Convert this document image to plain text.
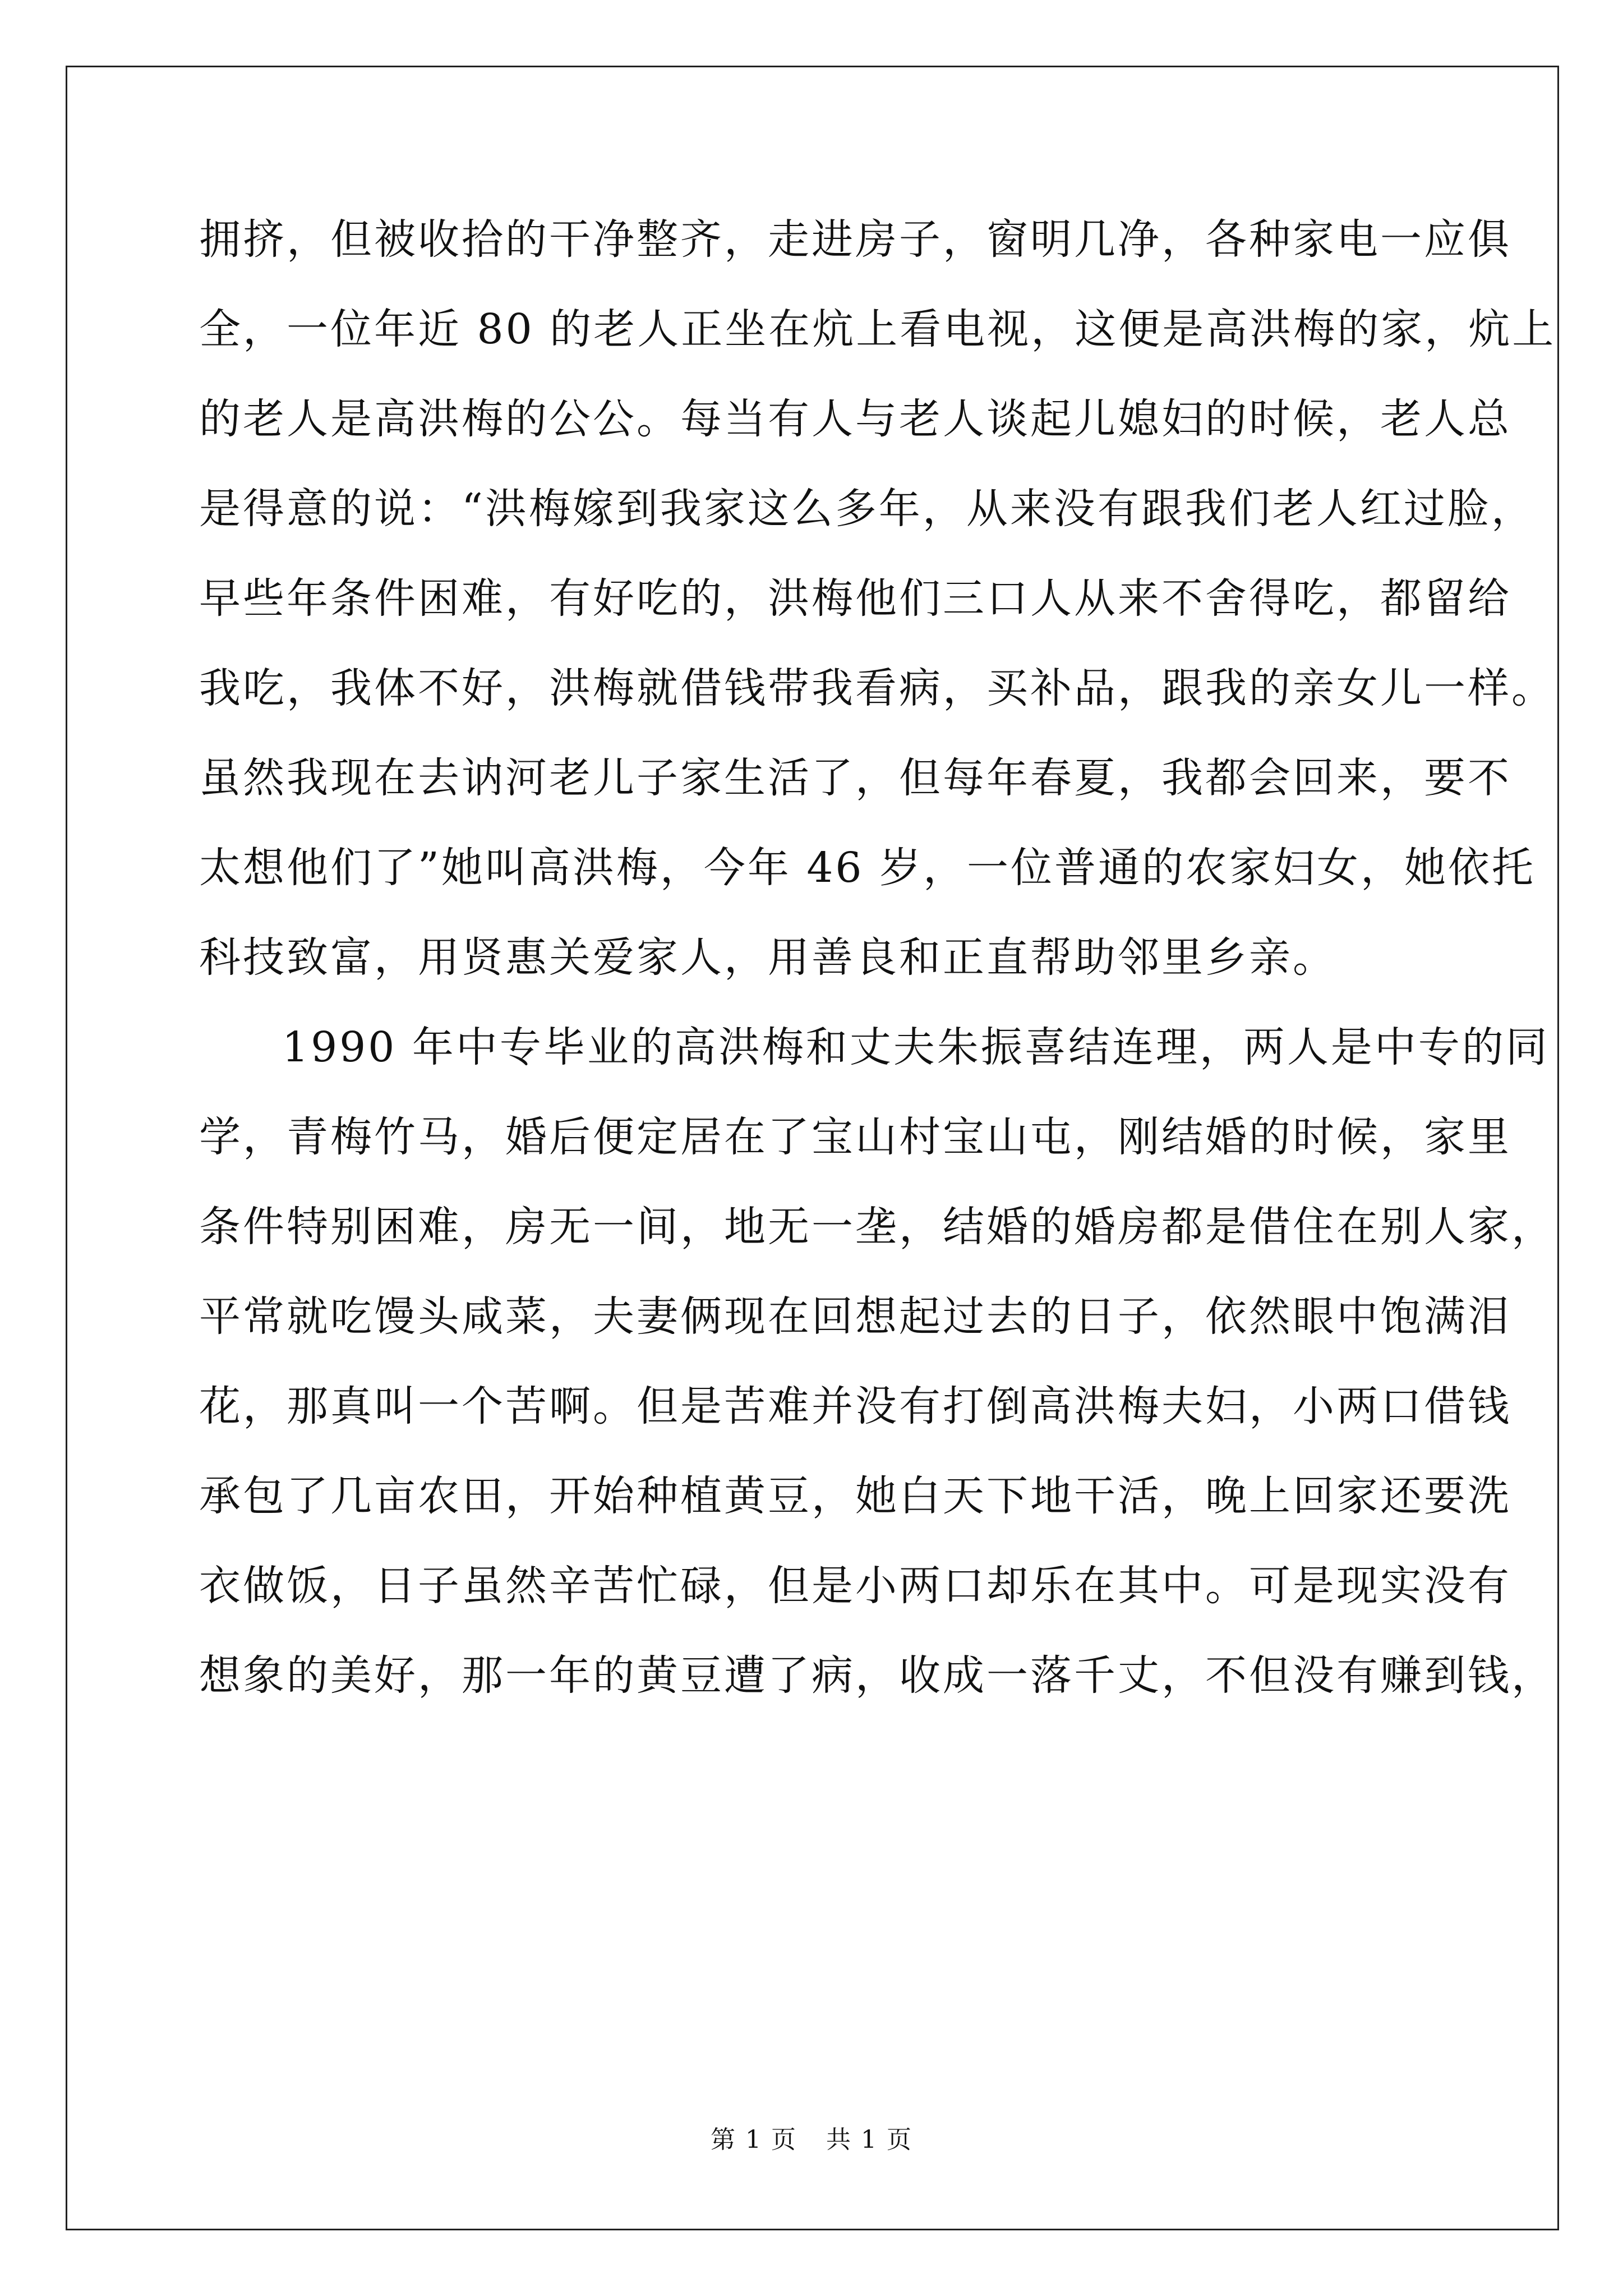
拥挤，但被收拾的干净整齐，走进房子，窗明几净，各种家电一应俱
全，一位年近 80 的老人正坐在炕上看电视，这便是高洪梅的家，炕上
的老人是高洪梅的公公。每当有人与老人谈起儿媳妇的时候，老人总
是得意的说：“洪梅嫁到我家这么多年，从来没有跟我们老人红过脸，
早些年条件困难，有好吃的，洪梅他们三口人从来不舍得吃，都留给
我吃，我体不好，洪梅就借钱带我看病，买补品，跟我的亲女儿一样。
虽然我现在去讷河老儿子家生活了，但每年春夏，我都会回来，要不
太想他们了”她叫高洪梅，今年 46 岁，一位普通的农家妇女，她依托
科技致富，用贤惠关爱家人，用善良和正直帮助邻里乡亲。
1990 年中专毕业的高洪梅和丈夫朱振喜结连理，两人是中专的同
学，青梅竹马，婚后便定居在了宝山村宝山屯，刚结婚的时候，家里
条件特别困难，房无一间，地无一垄，结婚的婚房都是借住在别人家，
平常就吃馒头咸菜，夫妻俩现在回想起过去的日子，依然眼中饱满泪
花，那真叫一个苦啊。但是苦难并没有打倒高洪梅夫妇，小两口借钱
承包了几亩农田，开始种植黄豆，她白天下地干活，晚上回家还要洗
衣做饭，日子虽然辛苦忙碌，但是小两口却乐在其中。可是现实没有
想象的美好，那一年的黄豆遭了病，收成一落千丈，不但没有赚到钱，
第 1 页 共 1 页
